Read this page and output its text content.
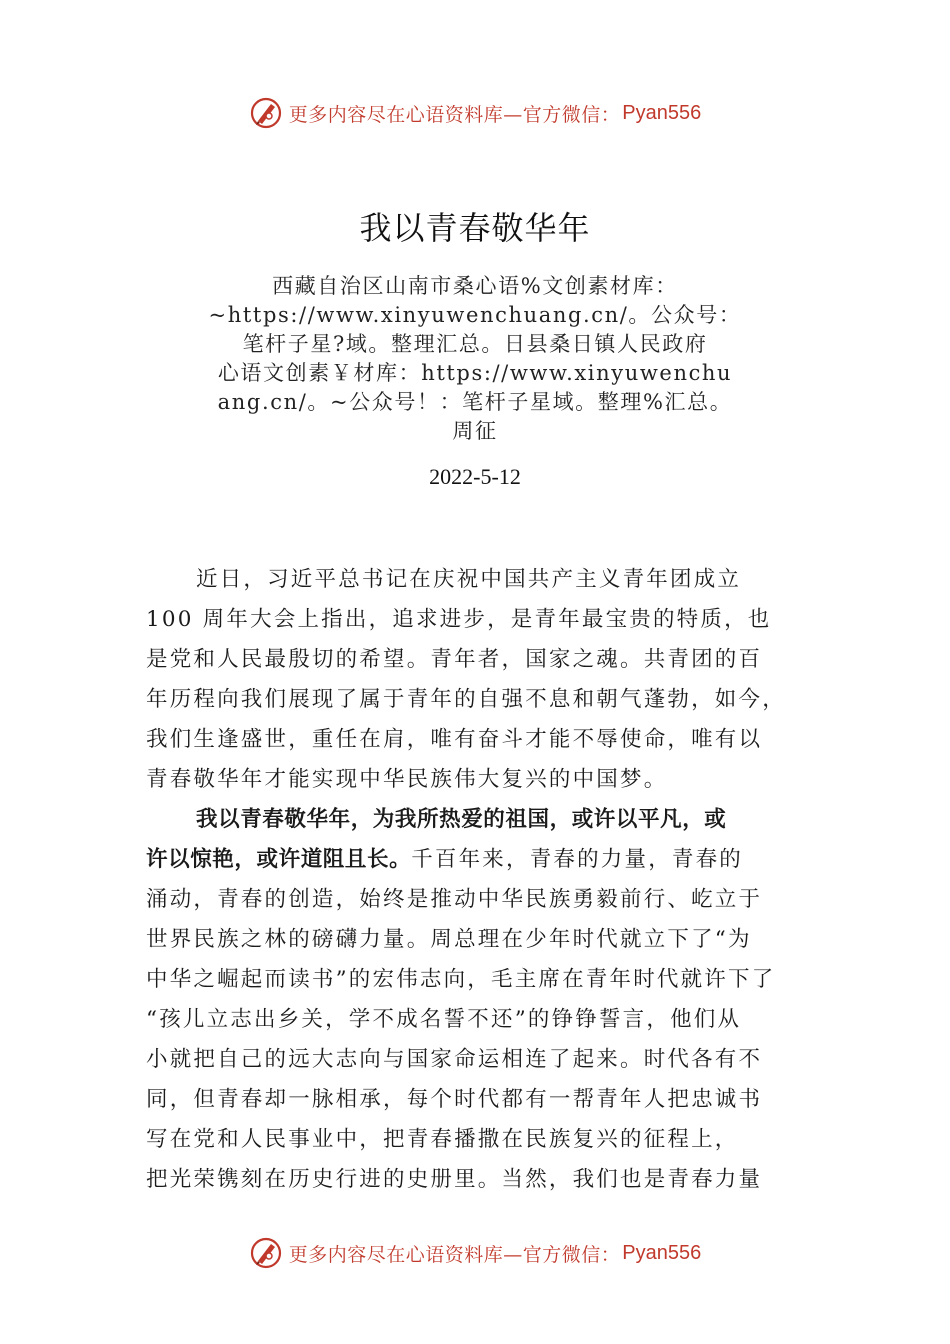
更多内容尽在心语资料库—官方微信： Pyan556
我以青春敬华年
西藏自治区山南市桑心语%文创素材库：
~https://www.xinyuwenchuang.cn/。公众号：
笔杆子星?域。整理汇总。日县桑日镇人民政府
心语文创素￥材库：https://www.xinyuwenchu
ang.cn/。~公众号！：笔杆子星域。整理%汇总。
周征
2022-5-12
近日，习近平总书记在庆祝中国共产主义青年团成立
100 周年大会上指出，追求进步，是青年最宝贵的特质，也
是党和人民最殷切的希望。青年者，国家之魂。共青团的百
年历程向我们展现了属于青年的自强不息和朝气蓬勃，如今，
我们生逢盛世，重任在肩，唯有奋斗才能不辱使命，唯有以
青春敬华年才能实现中华民族伟大复兴的中国梦。
我以青春敬华年，为我所热爱的祖国，或许以平凡，或
许以惊艳，或许道阻且长。千百年来，青春的力量，青春的
涌动，青春的创造，始终是推动中华民族勇毅前行、屹立于
世界民族之林的磅礴力量。周总理在少年时代就立下了“为
中华之崛起而读书”的宏伟志向，毛主席在青年时代就许下了
“孩儿立志出乡关，学不成名誓不还”的铮铮誓言，他们从
小就把自己的远大志向与国家命运相连了起来。时代各有不
同，但青春却一脉相承，每个时代都有一帮青年人把忠诚书
写在党和人民事业中，把青春播撒在民族复兴的征程上，
把光荣镌刻在历史行进的史册里。当然，我们也是青春力量
更多内容尽在心语资料库—官方微信： Pyan556
